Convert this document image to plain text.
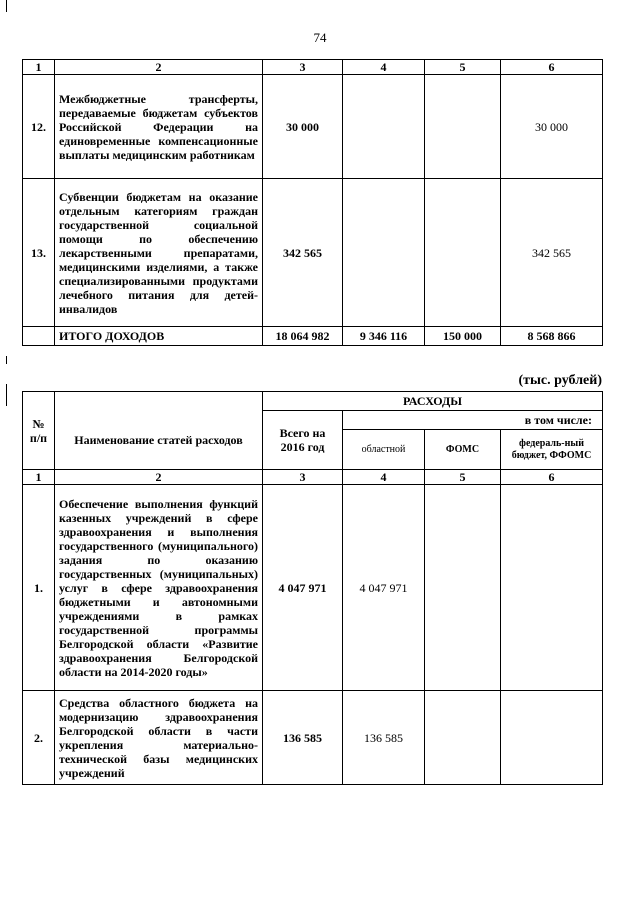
74
1	2	3	4	5	6
12.	Межбюджетные трансферты, передаваемые бюджетам субъектов Российской Федерации на единовременные компенсационные выплаты медицинским работникам	30 000			30 000
13.	Субвенции бюджетам на оказание отдельным категориям граждан государственной социальной помощи по обеспечению лекарственными препаратами, медицинскими изделиями, а также специализированными продуктами лечебного питания для детей-инвалидов	342 565			342 565
	ИТОГО ДОХОДОВ	18 064 982	9 346 116	150 000	8 568 866
(тыс. рублей)
№ п/п		РАСХОДЫ			
	Наименование статей расходов	Всего на 2016 год	в том числе:		
			областной	ФОМС	федераль-ный бюджет, ФФОМС
1	2	3	4	5	6
1.	Обеспечение выполнения функций казенных учреждений в сфере здравоохранения и выполнения государственного (муниципального) задания по оказанию государственных (муниципальных) услуг в сфере здравоохранения бюджетными и автономными учреждениями в рамках государственной программы Белгородской области «Развитие здравоохранения Белгородской области на 2014-2020 годы»	4 047 971	4 047 971		
2.	Средства областного бюджета на модернизацию здравоохранения Белгородской области в части укрепления материально-технической базы медицинских учреждений	136 585	136 585		
